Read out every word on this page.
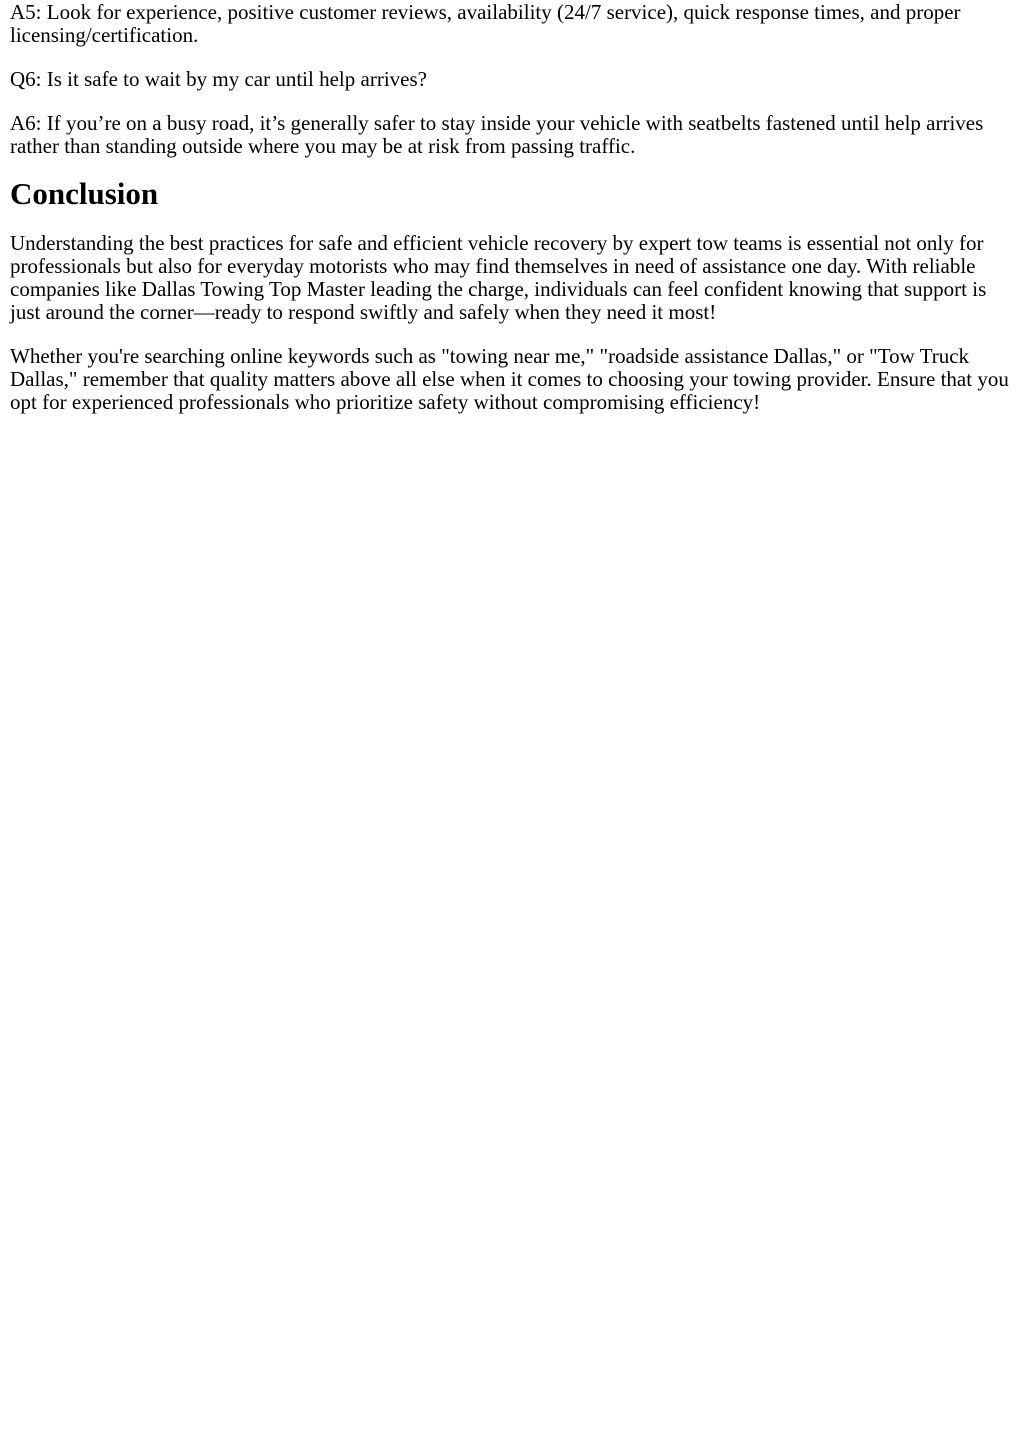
A5: Look for experience, positive customer reviews, availability (24/7 service), quick response times, and proper licensing/certification.

Q6: Is it safe to wait by my car until help arrives?

A6: If you’re on a busy road, it’s generally safer to stay inside your vehicle with seatbelts fastened until help arrives rather than standing outside where you may be at risk from passing traffic.

Conclusion

Understanding the best practices for safe and efficient vehicle recovery by expert tow teams is essential not only for professionals but also for everyday motorists who may find themselves in need of assistance one day. With reliable companies like Dallas Towing Top Master leading the charge, individuals can feel confident knowing that support is just around the corner—ready to respond swiftly and safely when they need it most!

Whether you're searching online keywords such as "towing near me," "roadside assistance Dallas," or "Tow Truck Dallas," remember that quality matters above all else when it comes to choosing your towing provider. Ensure that you opt for experienced professionals who prioritize safety without compromising efficiency!
